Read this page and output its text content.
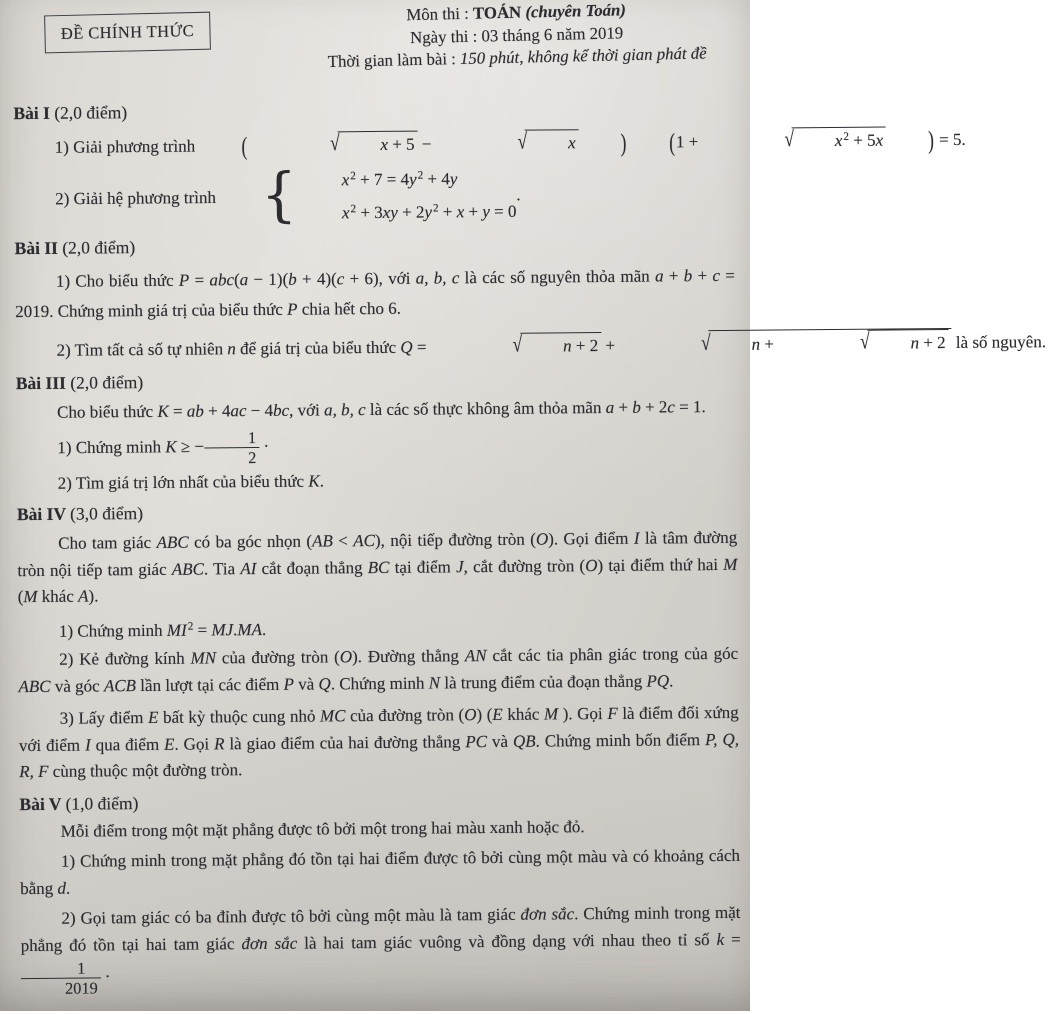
ĐỀ CHÍNH THỨC
Môn thi : TOÁN (chuyên Toán)
Ngày thi : 03 tháng 6 năm 2019
Thời gian làm bài : 150 phút, không kể thời gian phát đề
Bài I (2,0 điểm)

1) Giải phương trình (	√ x + 5 −	√ x	)	(1 +	√ $x^2 + 5x$	) = 5.

2) Giải hệ phương trình {	$x^2 + 7 = 4y^2 + 4y$
$x^2 + 3xy + 2y^2 + x + y = 0$
.

Bài II (2,0 điểm)

1) Cho biểu thức P = abc(a − 1)(b + 4)(c + 6), với a, b, c là các số nguyên thỏa mãn a + b + c = 2019. Chứng minh giá trị của biểu thức P chia hết cho 6.

2) Tìm tất cả số tự nhiên n để giá trị của biểu thức Q =	√ n + 2 +	√ n +	√ n + 2 là số nguyên.

Bài III (2,0 điểm)

Cho biểu thức K = ab + 4ac − 4bc, với a, b, c là các số thực không âm thỏa mãn a + b + 2c = 1.

1) Chứng minh K ≥ − $\frac{1}{2}$ ·

2) Tìm giá trị lớn nhất của biểu thức K.

Bài IV (3,0 điểm)

Cho tam giác ABC có ba góc nhọn (AB < AC), nội tiếp đường tròn (O). Gọi điểm I là tâm đường tròn nội tiếp tam giác ABC. Tia AI cắt đoạn thẳng BC tại điểm J, cắt đường tròn (O) tại điểm thứ hai M (M khác A).

1) Chứng minh $MI^2 = MJ.MA$.

2) Kẻ đường kính MN của đường tròn (O). Đường thẳng AN cắt các tia phân giác trong của góc ABC và góc ACB lần lượt tại các điểm P và Q. Chứng minh N là trung điểm của đoạn thẳng PQ.

3) Lấy điểm E bất kỳ thuộc cung nhỏ MC của đường tròn (O) (E khác M ). Gọi F là điểm đối xứng với điểm I qua điểm E. Gọi R là giao điểm của hai đường thẳng PC và QB. Chứng minh bốn điểm P, Q, R, F cùng thuộc một đường tròn.

Bài V (1,0 điểm)

Mỗi điểm trong một mặt phẳng được tô bởi một trong hai màu xanh hoặc đỏ.

1) Chứng minh trong mặt phẳng đó tồn tại hai điểm được tô bởi cùng một màu và có khoảng cách bằng d.

2) Gọi tam giác có ba đỉnh được tô bởi cùng một màu là tam giác đơn sắc. Chứng minh trong mặt phẳng đó tồn tại hai tam giác đơn sắc là hai tam giác vuông và đồng dạng với nhau theo tỉ số k =
$\frac{1}{2019}$ ·
